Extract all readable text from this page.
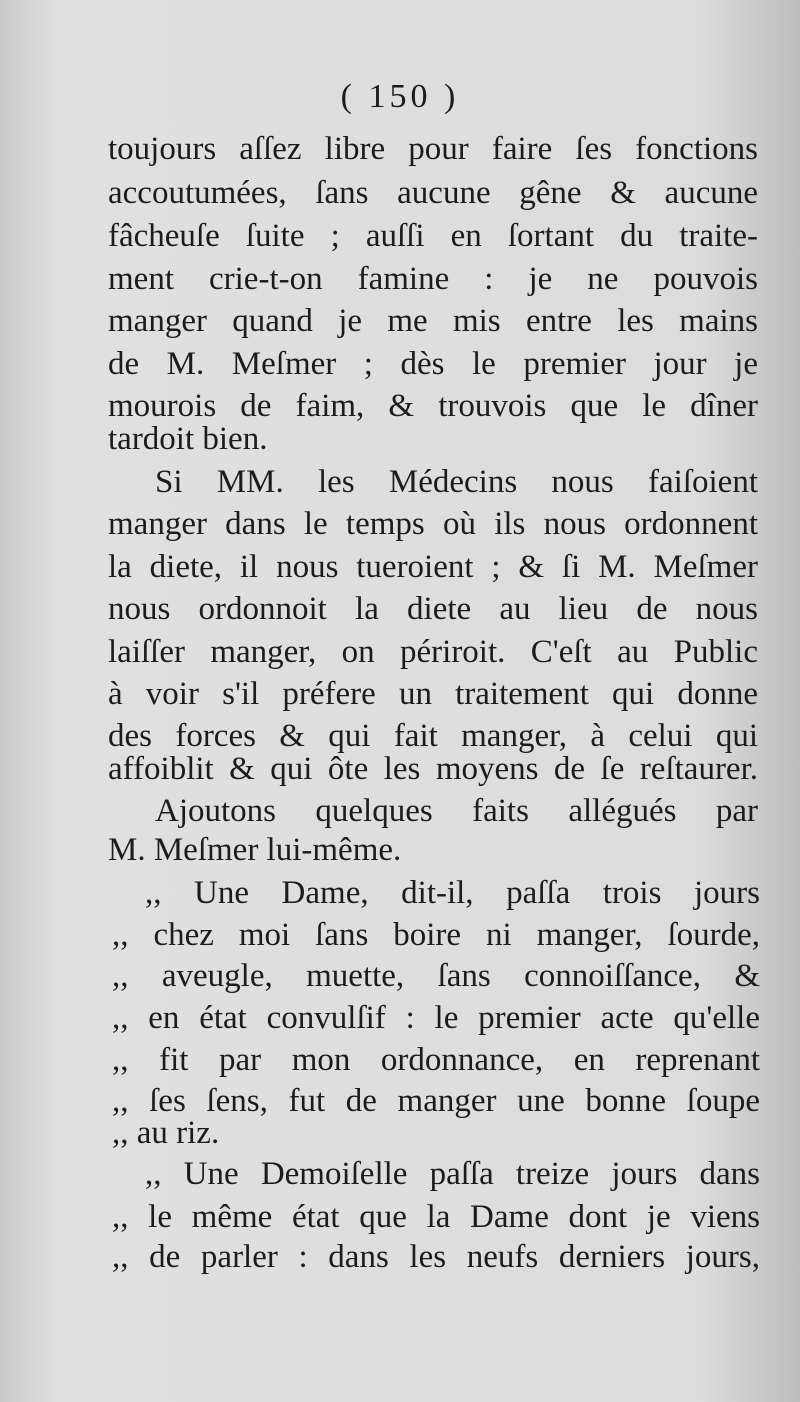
( 150 )
toujours aſſez libre pour faire ſes fonctions
accoutumées, ſans aucune gêne & aucune
fâcheuſe ſuite ; auſſi en ſortant du traite-
ment crie-t-on famine : je ne pouvois
manger quand je me mis entre les mains
de M. Meſmer ; dès le premier jour je
mourois de faim, & trouvois que le dîner
tardoit bien.
Si MM. les Médecins nous faiſoient
manger dans le temps où ils nous ordonnent
la diete, il nous tueroient ; & ſi M. Meſmer
nous ordonnoit la diete au lieu de nous
laiſſer manger, on périroit. C'eſt au Public
à voir s'il préfere un traitement qui donne
des forces & qui fait manger, à celui qui
affoiblit & qui ôte les moyens de ſe reſtaurer.
Ajoutons quelques faits allégués par
M. Meſmer lui-même.
,, Une Dame, dit-il, paſſa trois jours
,, chez moi ſans boire ni manger, ſourde,
,, aveugle, muette, ſans connoiſſance, &
,, en état convulſif : le premier acte qu'elle
,, fit par mon ordonnance, en reprenant
,, ſes ſens, fut de manger une bonne ſoupe
,, au riz.
,, Une Demoiſelle paſſa treize jours dans
,, le même état que la Dame dont je viens
,, de parler : dans les neufs derniers jours,
